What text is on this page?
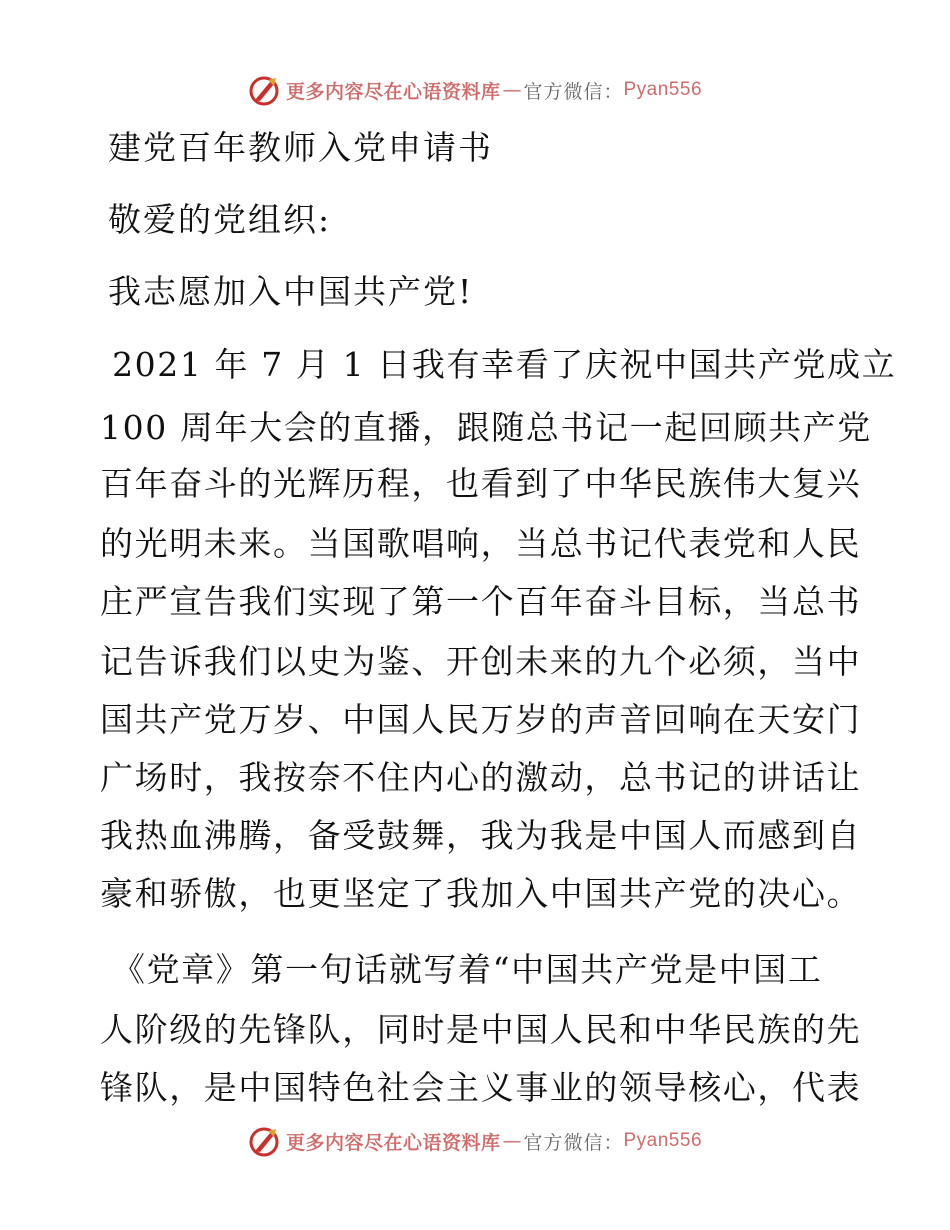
更多内容尽在心语资料库 — 官方微信： Pyan556
建党百年教师入党申请书
敬爱的党组织:
我志愿加入中国共产党!
2021 年 7 月 1 日我有幸看了庆祝中国共产党成立
100 周年大会的直播，跟随总书记一起回顾共产党
百年奋斗的光辉历程，也看到了中华民族伟大复兴
的光明未来。当国歌唱响，当总书记代表党和人民
庄严宣告我们实现了第一个百年奋斗目标，当总书
记告诉我们以史为鉴、开创未来的九个必须，当中
国共产党万岁、中国人民万岁的声音回响在天安门
广场时，我按奈不住内心的激动，总书记的讲话让
我热血沸腾，备受鼓舞，我为我是中国人而感到自
豪和骄傲，也更坚定了我加入中国共产党的决心。
《党章》第一句话就写着“中国共产党是中国工
人阶级的先锋队，同时是中国人民和中华民族的先
锋队，是中国特色社会主义事业的领导核心，代表
更多内容尽在心语资料库 — 官方微信： Pyan556
